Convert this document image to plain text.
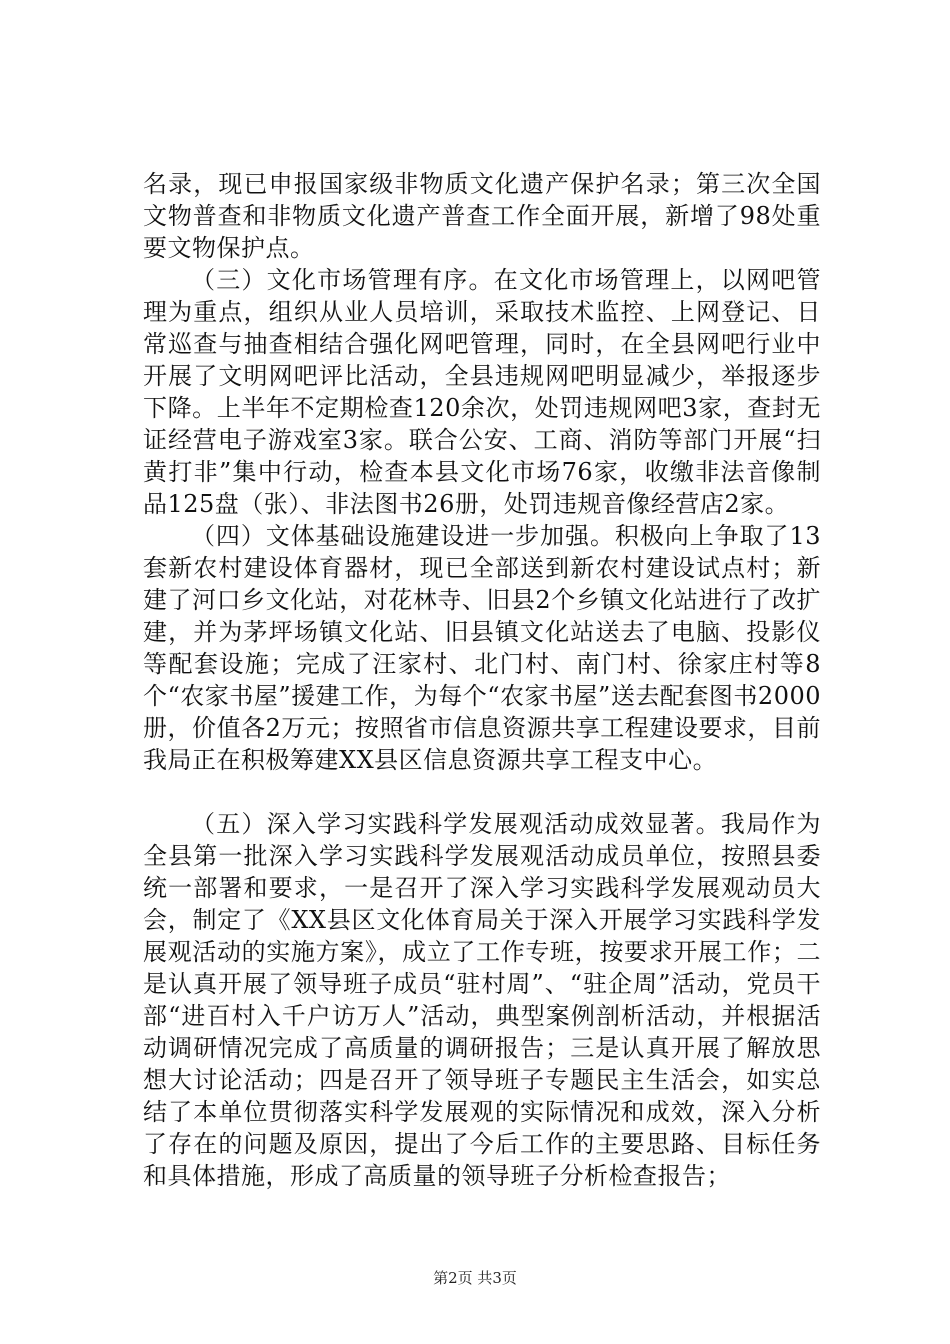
名录，现已申报国家级非物质文化遗产保护名录；第三次全国文物普查和非物质文化遗产普查工作全面开展，新增了98处重要文物保护点。

（三）文化市场管理有序。在文化市场管理上，以网吧管理为重点，组织从业人员培训，采取技术监控、上网登记、日常巡查与抽查相结合强化网吧管理，同时，在全县网吧行业中开展了文明网吧评比活动，全县违规网吧明显减少，举报逐步下降。上半年不定期检查120余次，处罚违规网吧3家，查封无证经营电子游戏室3家。联合公安、工商、消防等部门开展“扫黄打非”集中行动，检查本县文化市场76家，收缴非法音像制品125盘（张）、非法图书26册，处罚违规音像经营店2家。

（四）文体基础设施建设进一步加强。积极向上争取了13套新农村建设体育器材，现已全部送到新农村建设试点村；新建了河口乡文化站，对花林寺、旧县2个乡镇文化站进行了改扩建，并为茅坪场镇文化站、旧县镇文化站送去了电脑、投影仪等配套设施；完成了汪家村、北门村、南门村、徐家庄村等8个“农家书屋”援建工作，为每个“农家书屋”送去配套图书2000册，价值各2万元；按照省市信息资源共享工程建设要求，目前我局正在积极筹建XX县区信息资源共享工程支中心。

（五）深入学习实践科学发展观活动成效显著。我局作为全县第一批深入学习实践科学发展观活动成员单位，按照县委统一部署和要求，一是召开了深入学习实践科学发展观动员大会，制定了《XX县区文化体育局关于深入开展学习实践科学发展观活动的实施方案》，成立了工作专班，按要求开展工作；二是认真开展了领导班子成员“驻村周”、“驻企周”活动，党员干部“进百村入千户访万人”活动，典型案例剖析活动，并根据活动调研情况完成了高质量的调研报告；三是认真开展了解放思想大讨论活动；四是召开了领导班子专题民主生活会，如实总结了本单位贯彻落实科学发展观的实际情况和成效，深入分析了存在的问题及原因，提出了今后工作的主要思路、目标任务和具体措施，形成了高质量的领导班子分析检查报告；

第2页 共3页
